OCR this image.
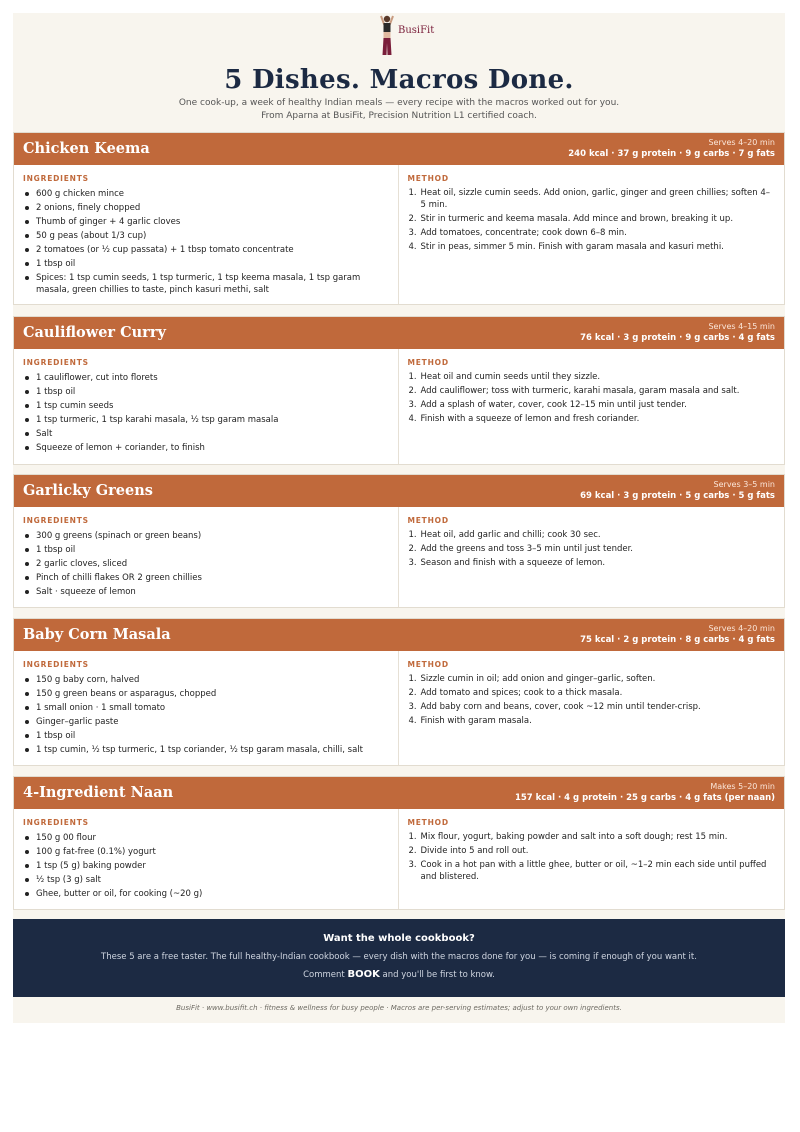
BusiFit
5 Dishes. Macros Done.
One cook-up, a week of healthy Indian meals — every recipe with the macros worked out for you. From Aparna at BusiFit, Precision Nutrition L1 certified coach.
Chicken Keema	Serves 4–20 min
240 kcal · 37 g protein · 9 g carbs · 7 g fats
INGREDIENTS
600 g chicken mince
2 onions, finely chopped
Thumb of ginger + 4 garlic cloves
50 g peas (about 1/3 cup)
2 tomatoes (or ½ cup passata) + 1 tbsp tomato concentrate
1 tbsp oil
Spices: 1 tsp cumin seeds, 1 tsp turmeric, 1 tsp keema masala, 1 tsp garam masala, green chillies to taste, pinch kasuri methi, salt
METHOD
1. Heat oil, sizzle cumin seeds. Add onion, garlic, ginger and green chillies; soften 4–5 min.
2. Stir in turmeric and keema masala. Add mince and brown, breaking it up.
3. Add tomatoes, concentrate; cook down 6–8 min.
4. Stir in peas, simmer 5 min. Finish with garam masala and kasuri methi.
Cauliflower Curry	Serves 4–15 min
76 kcal · 3 g protein · 9 g carbs · 4 g fats
INGREDIENTS
1 cauliflower, cut into florets
1 tbsp oil
1 tsp cumin seeds
1 tsp turmeric, 1 tsp karahi masala, ½ tsp garam masala
Salt
Squeeze of lemon + coriander, to finish
METHOD
1. Heat oil and cumin seeds until they sizzle.
2. Add cauliflower; toss with turmeric, karahi masala, garam masala and salt.
3. Add a splash of water, cover, cook 12–15 min until just tender.
4. Finish with a squeeze of lemon and fresh coriander.
Garlicky Greens	Serves 3–5 min
69 kcal · 3 g protein · 5 g carbs · 5 g fats
INGREDIENTS
300 g greens (spinach or green beans)
1 tbsp oil
2 garlic cloves, sliced
Pinch of chilli flakes OR 2 green chillies
Salt · squeeze of lemon
METHOD
1. Heat oil, add garlic and chilli; cook 30 sec.
2. Add the greens and toss 3–5 min until just tender.
3. Season and finish with a squeeze of lemon.
Baby Corn Masala	Serves 4–20 min
75 kcal · 2 g protein · 8 g carbs · 4 g fats
INGREDIENTS
150 g baby corn, halved
150 g green beans or asparagus, chopped
1 small onion · 1 small tomato
Ginger–garlic paste
1 tbsp oil
1 tsp cumin, ½ tsp turmeric, 1 tsp coriander, ½ tsp garam masala, chilli, salt
METHOD
1. Sizzle cumin in oil; add onion and ginger–garlic, soften.
2. Add tomato and spices; cook to a thick masala.
3. Add baby corn and beans, cover, cook ~12 min until tender-crisp.
4. Finish with garam masala.
4-Ingredient Naan	Makes 5–20 min
157 kcal · 4 g protein · 25 g carbs · 4 g fats (per naan)
INGREDIENTS
150 g 00 flour
100 g fat-free (0.1%) yogurt
1 tsp (5 g) baking powder
½ tsp (3 g) salt
Ghee, butter or oil, for cooking (~20 g)
METHOD
1. Mix flour, yogurt, baking powder and salt into a soft dough; rest 15 min.
2. Divide into 5 and roll out.
3. Cook in a hot pan with a little ghee, butter or oil, ~1–2 min each side until puffed and blistered.
Want the whole cookbook?
These 5 are a free taster. The full healthy-Indian cookbook — every dish with the macros done for you — is coming if enough of you want it.
Comment BOOK and you'll be first to know.
BusiFit · www.busifit.ch · fitness & wellness for busy people · Macros are per-serving estimates; adjust to your own ingredients.
